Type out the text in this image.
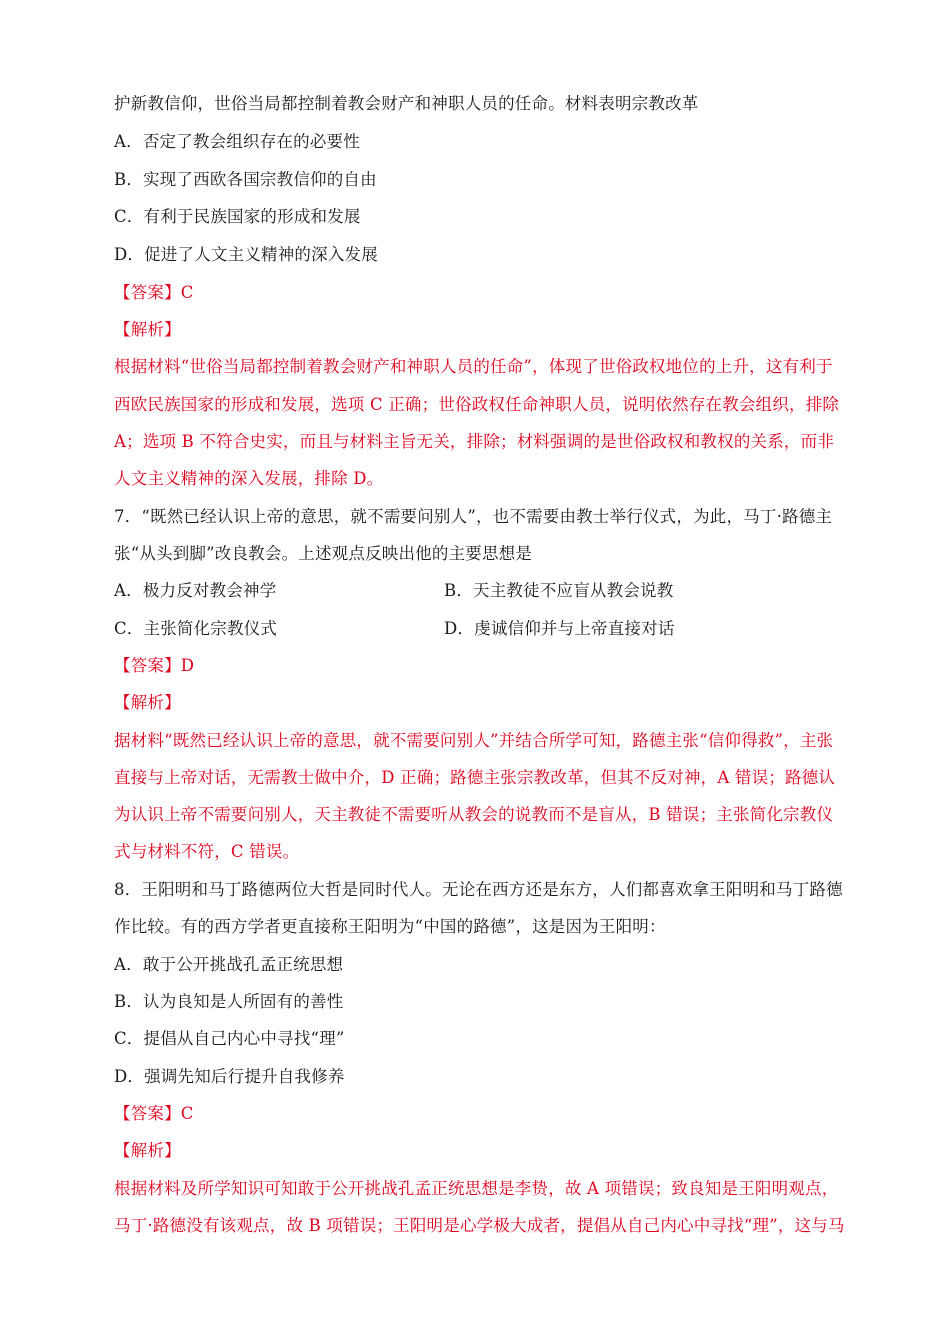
护新教信仰，世俗当局都控制着教会财产和神职人员的任命。材料表明宗教改革
A．否定了教会组织存在的必要性
B．实现了西欧各国宗教信仰的自由
C．有利于民族国家的形成和发展
D．促进了人文主义精神的深入发展
【答案】C
【解析】
根据材料“世俗当局都控制着教会财产和神职人员的任命”，体现了世俗政权地位的上升，这有利于
西欧民族国家的形成和发展，选项 C 正确；世俗政权任命神职人员，说明依然存在教会组织，排除
A；选项 B 不符合史实，而且与材料主旨无关，排除；材料强调的是世俗政权和教权的关系，而非
人文主义精神的深入发展，排除 D。
7．“既然已经认识上帝的意思，就不需要问别人”，也不需要由教士举行仪式，为此，马丁·路德主
张“从头到脚”改良教会。上述观点反映出他的主要思想是
A．极力反对教会神学	B．天主教徒不应盲从教会说教
C．主张简化宗教仪式	D．虔诚信仰并与上帝直接对话
【答案】D
【解析】
据材料“既然已经认识上帝的意思，就不需要问别人”并结合所学可知，路德主张“信仰得救”，主张
直接与上帝对话，无需教士做中介，D 正确；路德主张宗教改革，但其不反对神，A 错误；路德认
为认识上帝不需要问别人，天主教徒不需要听从教会的说教而不是盲从，B 错误；主张简化宗教仪
式与材料不符，C 错误。
8．王阳明和马丁路德两位大哲是同时代人。无论在西方还是东方，人们都喜欢拿王阳明和马丁路德
作比较。有的西方学者更直接称王阳明为“中国的路德”，这是因为王阳明：
A．敢于公开挑战孔孟正统思想
B．认为良知是人所固有的善性
C．提倡从自己内心中寻找“理”
D．强调先知后行提升自我修养
【答案】C
【解析】
根据材料及所学知识可知敢于公开挑战孔孟正统思想是李贽，故 A 项错误；致良知是王阳明观点，
马丁·路德没有该观点，故 B 项错误；王阳明是心学极大成者，提倡从自己内心中寻找“理”，这与马
